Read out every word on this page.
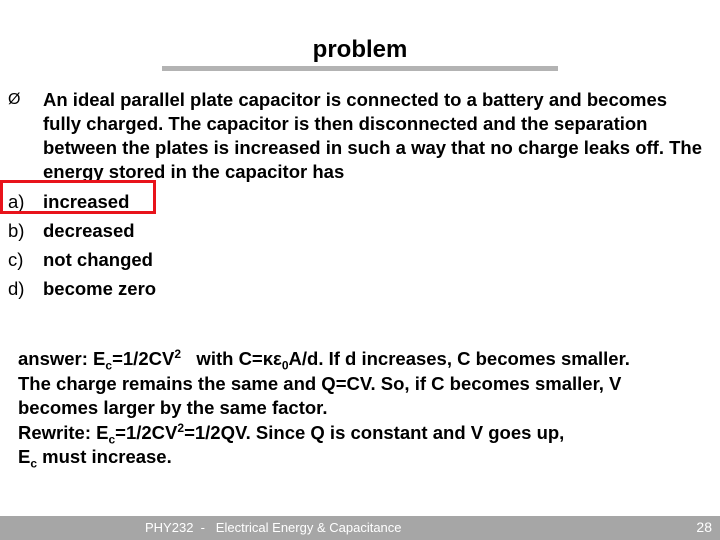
problem
Ø An ideal parallel plate capacitor is connected to a battery and becomes fully charged. The capacitor is then disconnected and the separation between the plates is increased in such a way that no charge leaks off. The energy stored in the capacitor has
a) increased
b) decreased
c) not changed
d) become zero
answer: $E_c=1/2CV^2$   with $C=\kappa\varepsilon_0A/d$. If d increases, C becomes smaller.
The charge remains the same and Q=CV. So, if C becomes smaller, V
becomes larger by the same factor.
Rewrite: $E_c=1/2CV^2=1/2QV$. Since Q is constant and V goes up,
$E_c$ must increase.
PHY232  -   Electrical Energy & Capacitance	28
